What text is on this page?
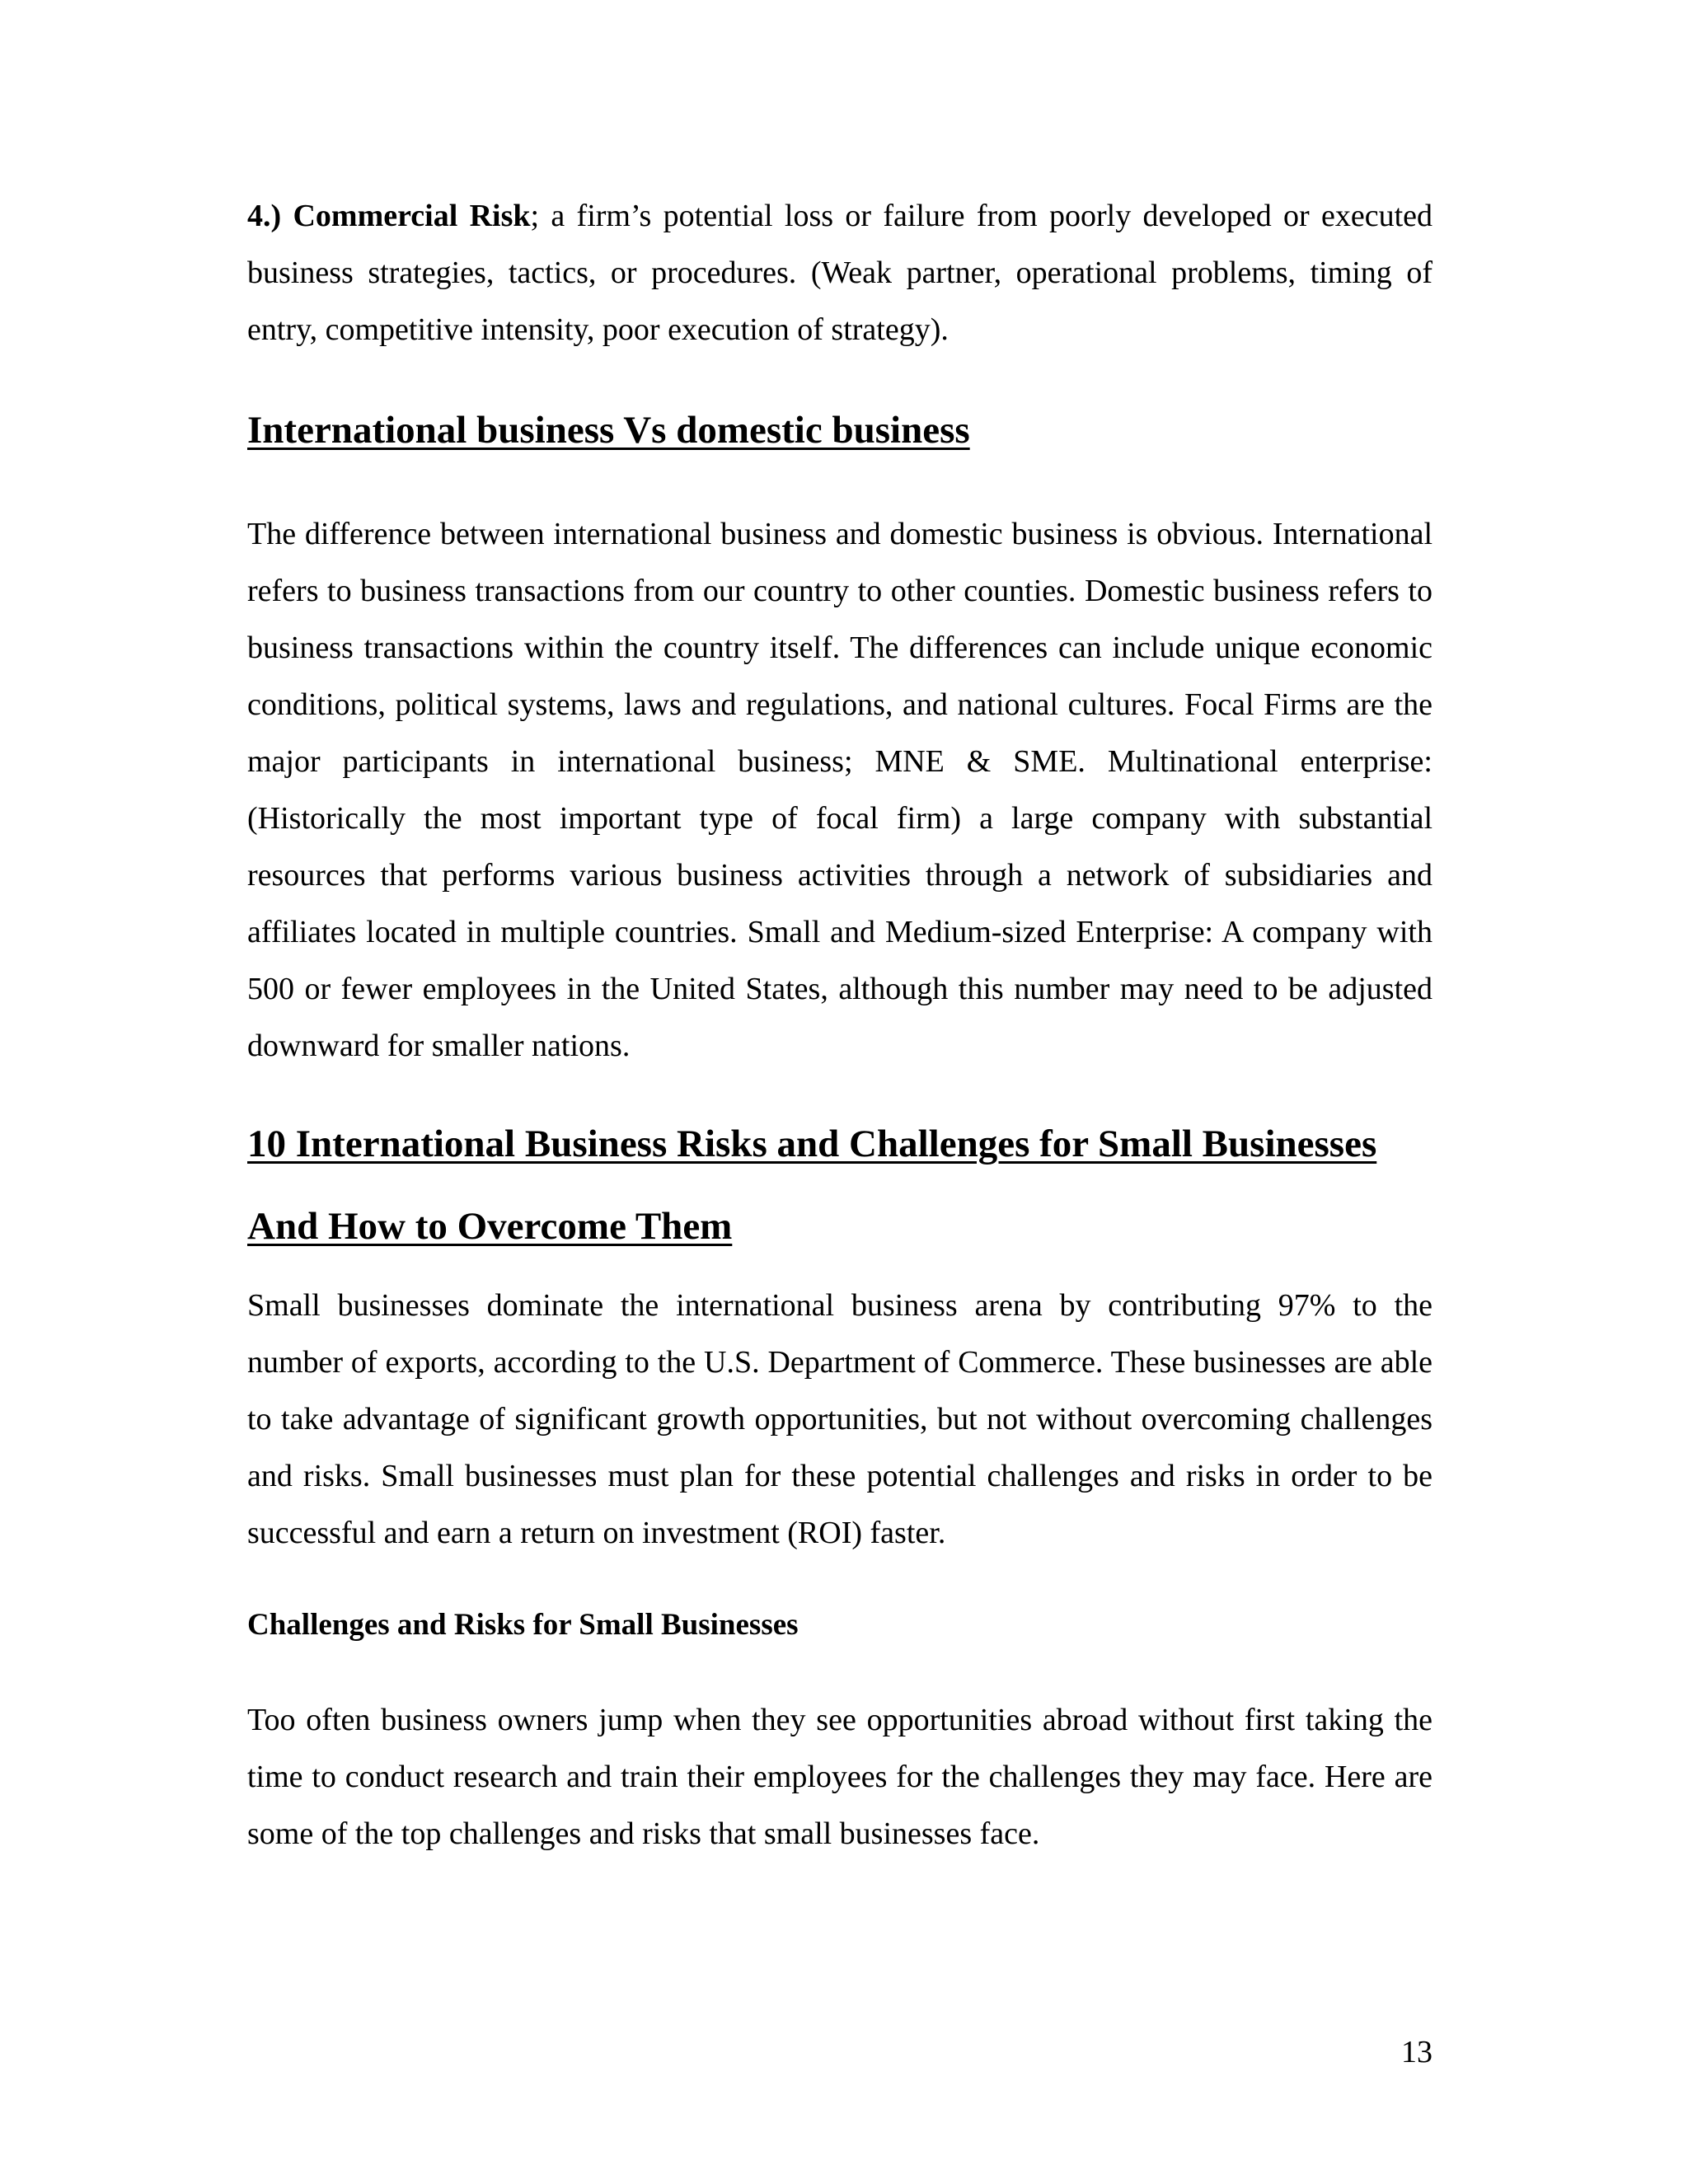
4.) Commercial Risk; a firm’s potential loss or failure from poorly developed or executed business strategies, tactics, or procedures. (Weak partner, operational problems, timing of entry, competitive intensity, poor execution of strategy).

International business Vs domestic business

The difference between international business and domestic business is obvious. International refers to business transactions from our country to other counties. Domestic business refers to business transactions within the country itself. The differences can include unique economic conditions, political systems, laws and regulations, and national cultures. Focal Firms are the major participants in international business; MNE & SME. Multinational enterprise: (Historically the most important type of focal firm) a large company with substantial resources that performs various business activities through a network of subsidiaries and affiliates located in multiple countries. Small and Medium-sized Enterprise: A company with 500 or fewer employees in the United States, although this number may need to be adjusted downward for smaller nations.

10 International Business Risks and Challenges for Small Businesses
And How to Overcome Them

Small businesses dominate the international business arena by contributing 97% to the number of exports, according to the U.S. Department of Commerce. These businesses are able to take advantage of significant growth opportunities, but not without overcoming challenges and risks. Small businesses must plan for these potential challenges and risks in order to be successful and earn a return on investment (ROI) faster.

Challenges and Risks for Small Businesses

Too often business owners jump when they see opportunities abroad without first taking the time to conduct research and train their employees for the challenges they may face. Here are some of the top challenges and risks that small businesses face.

13
